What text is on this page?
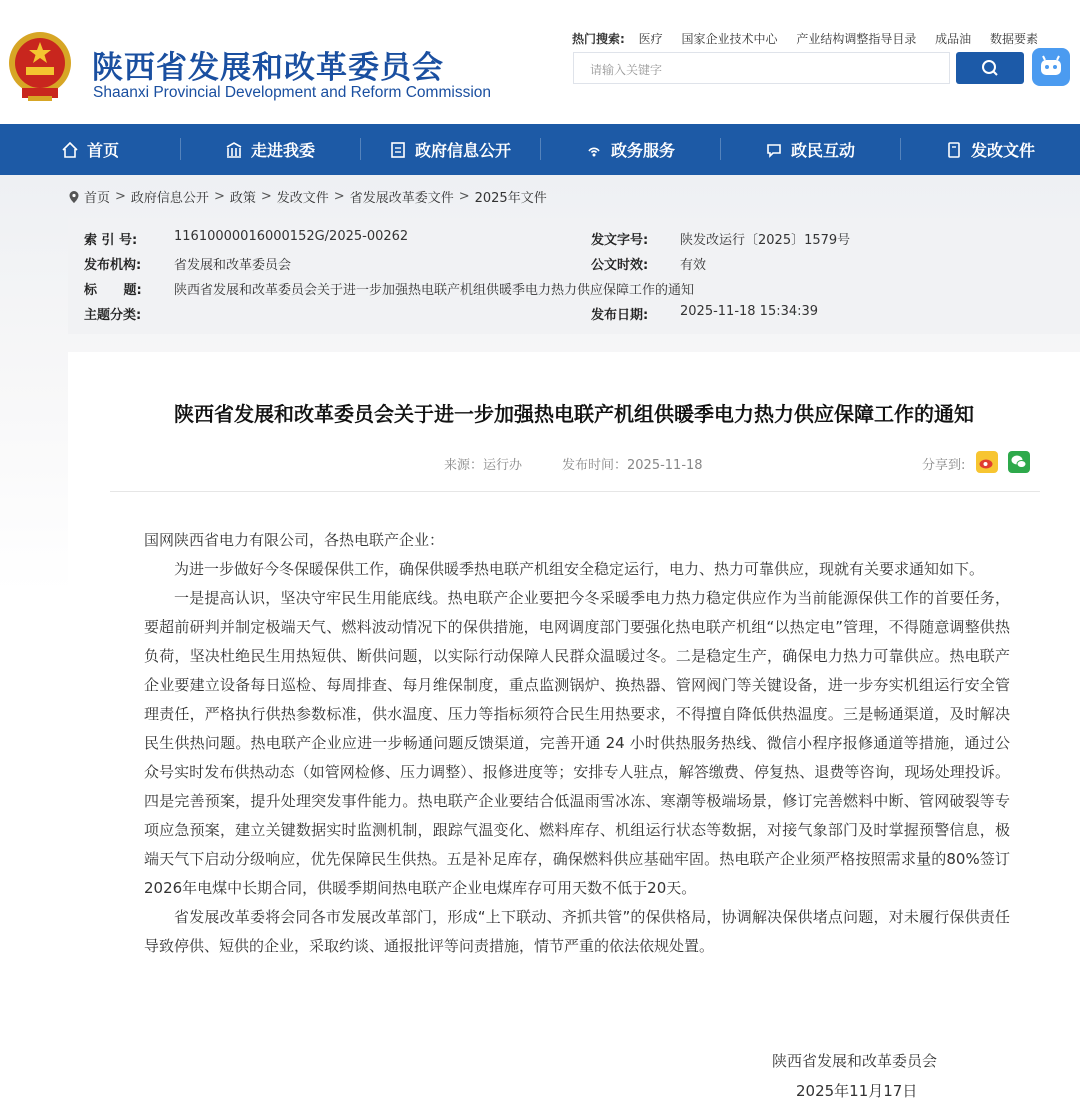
陕西省发展和改革委员会
Shaanxi Provincial Development and Reform Commission
热门搜索: 医疗 国家企业技术中心 产业结构调整指导目录 成品油 数据要素
请输入关键字
首页	走进我委	政府信息公开	政务服务	政民互动	发改文件
首页 > 政府信息公开 > 政策 > 发改文件 > 省发展改革委文件 > 2025年文件
索 引 号:	11610000016000152G/2025-00262	发文字号: 陕发改运行〔2025〕1579号
发布机构:	省发展和改革委员会	公文时效: 有效
标 题: 陕西省发展和改革委员会关于进一步加强热电联产机组供暖季电力热力供应保障工作的通知
主题分类:	发布日期: 2025-11-18 15:34:39
陕西省发展和改革委员会关于进一步加强热电联产机组供暖季电力热力供应保障工作的通知
来源：运行办	发布时间：2025-11-18	分享到:

国网陕西省电力有限公司，各热电联产企业：

为进一步做好今冬保暖保供工作，确保供暖季热电联产机组安全稳定运行，电力、热力可靠供应，现就有关要求通知如下。

一是提高认识，坚决守牢民生用能底线。热电联产企业要把今冬采暖季电力热力稳定供应作为当前能源保供工作的首要任务，要超前研判并制定极端天气、燃料波动情况下的保供措施，电网调度部门要强化热电联产机组“以热定电”管理，不得随意调整供热负荷，坚决杜绝民生用热短供、断供问题，以实际行动保障人民群众温暖过冬。二是稳定生产，确保电力热力可靠供应。热电联产企业要建立设备每日巡检、每周排查、每月维保制度，重点监测锅炉、换热器、管网阀门等关键设备，进一步夯实机组运行安全管理责任，严格执行供热参数标准，供水温度、压力等指标须符合民生用热要求，不得擅自降低供热温度。三是畅通渠道，及时解决民生供热问题。热电联产企业应进一步畅通问题反馈渠道，完善开通 24 小时供热服务热线、微信小程序报修通道等措施，通过公众号实时发布供热动态（如管网检修、压力调整）、报修进度等；安排专人驻点，解答缴费、停复热、退费等咨询，现场处理投诉。四是完善预案，提升处理突发事件能力。热电联产企业要结合低温雨雪冰冻、寒潮等极端场景，修订完善燃料中断、管网破裂等专项应急预案，建立关键数据实时监测机制，跟踪气温变化、燃料库存、机组运行状态等数据，对接气象部门及时掌握预警信息，极端天气下启动分级响应，优先保障民生供热。五是补足库存，确保燃料供应基础牢固。热电联产企业须严格按照需求量的80%签订2026年电煤中长期合同，供暖季期间热电联产企业电煤库存可用天数不低于20天。

省发展改革委将会同各市发展改革部门，形成“上下联动、齐抓共管”的保供格局，协调解决保供堵点问题，对未履行保供责任导致停供、短供的企业，采取约谈、通报批评等问责措施，情节严重的依法依规处置。

陕西省发展和改革委员会
2025年11月17日
